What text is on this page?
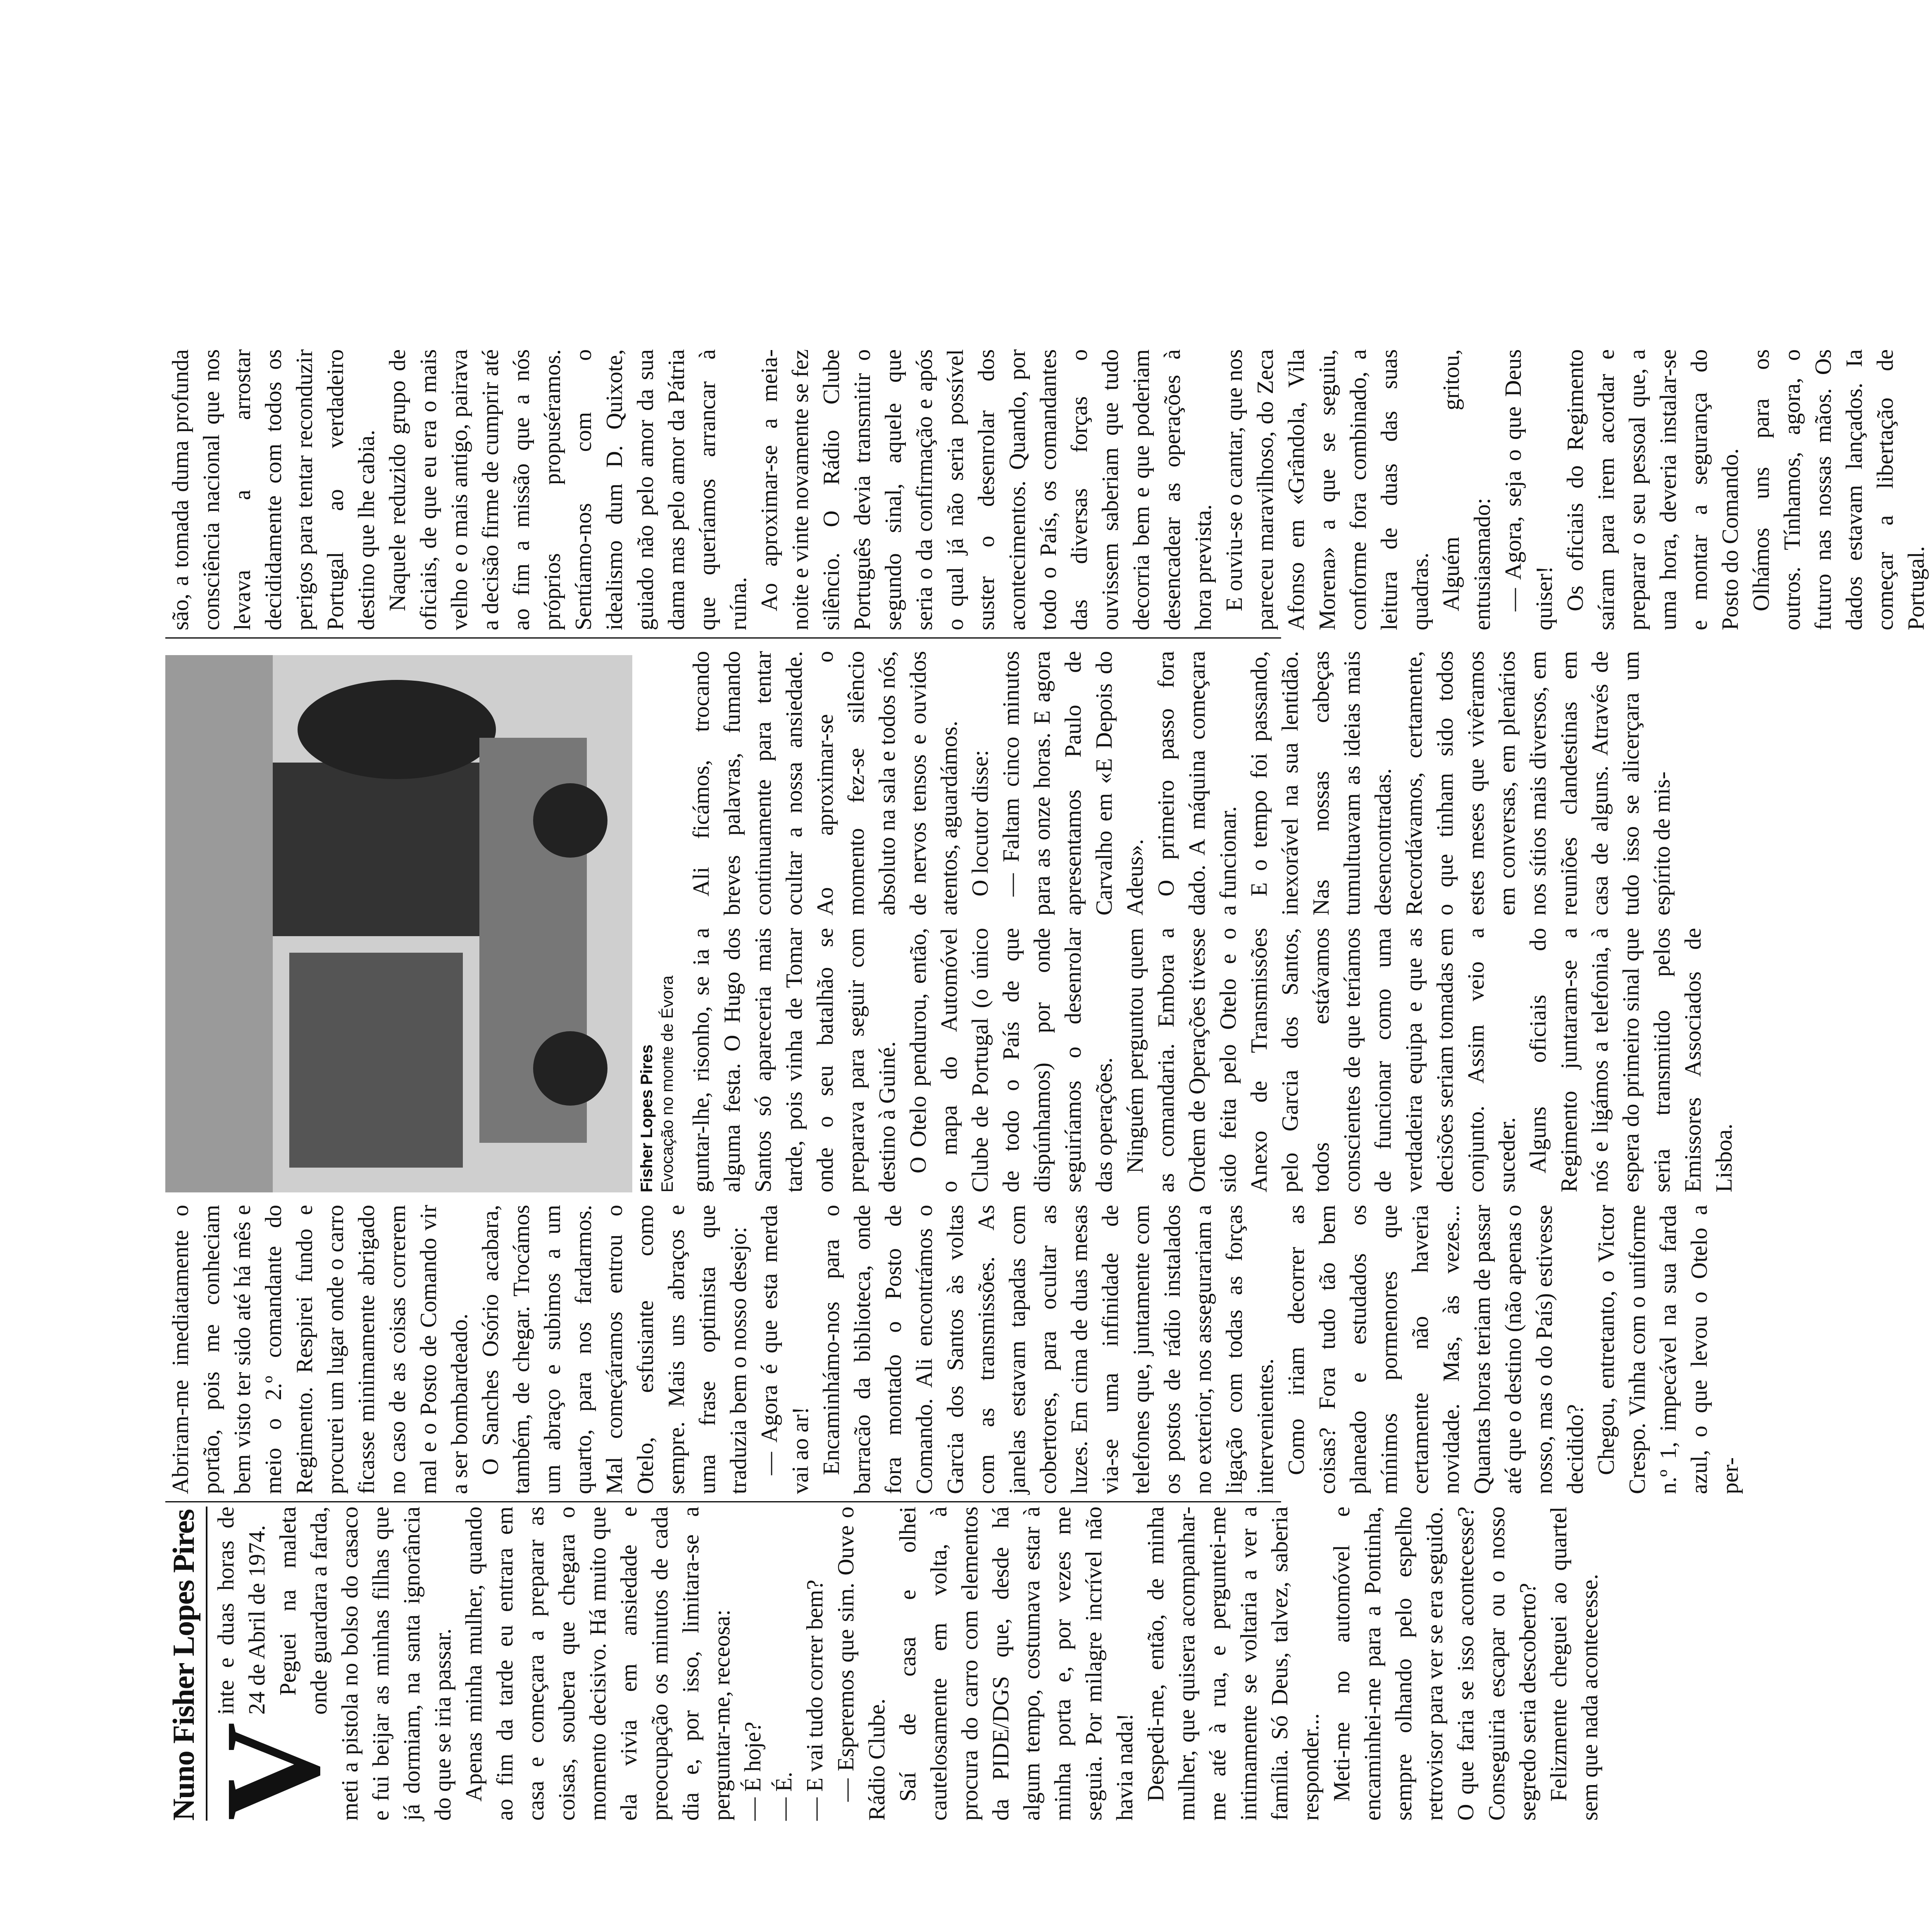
Nuno Fisher Lopes Pires
V

inte e duas horas de 24 de Abril de 1974. Peguei na maleta onde guardara a farda, meti a pistola no bolso do casaco e fui beijar as minhas filhas que já dormiam, na santa ignorância do que se iria passar. Apenas minha mulher, quando ao fim da tarde eu entrara em casa e começara a preparar as coisas, soubera que chegara o momento decisivo. Há muito que ela vivia em ansiedade e preocupação os minutos de cada dia e, por isso, limitara-se a perguntar-me, receosa: — É hoje? — É. — E vai tudo correr bem? — Esperemos que sim. Ouve o Rádio Clube. Saí de casa e olhei cautelosamente em volta, à procura do carro com elementos da PIDE/DGS que, desde há algum tempo, costumava estar à minha porta e, por vezes me seguia. Por milagre incrível não havia nada! Despedi-me, então, de minha mulher, que quisera acompanhar-me até à rua, e perguntei-me intimamente se voltaria a ver a família. Só Deus, talvez, saberia responder... Meti-me no automóvel e encaminhei-me para a Pontinha, sempre olhando pelo espelho retrovisor para ver se era seguido. O que faria se isso acontecesse? Conseguiria escapar ou o nosso segredo seria descoberto? Felizmente cheguei ao quartel sem que nada acontecesse.

Abriram-me imediatamente o portão, pois me conheciam bem visto ter sido até há mês e meio o 2.º comandante do Regimento. Respirei fundo e procurei um lugar onde o carro ficasse minimamente abrigado no caso de as coisas correrem mal e o Posto de Comando vir a ser bombardeado. O Sanches Osório acabara, também, de chegar. Trocámos um abraço e subimos a um quarto, para nos fardarmos. Mal começáramos entrou o Otelo, esfusiante como sempre. Mais uns abraços e uma frase optimista que traduzia bem o nosso desejo: — Agora é que esta merda vai ao ar! Encaminhámo-nos para o barracão da biblioteca, onde fora montado o Posto de Comando. Ali encontrámos o Garcia dos Santos às voltas com as transmissões. As janelas estavam tapadas com cobertores, para ocultar as luzes. Em cima de duas mesas via-se uma infinidade de telefones que, juntamente com os postos de rádio instalados no exterior, nos assegurariam a ligação com todas as forças intervenientes. Como iriam decorrer as coisas? Fora tudo tão bem planeado e estudados os mínimos pormenores que certamente não haveria novidade. Mas, às vezes... Quantas horas teriam de passar até que o destino (não apenas o nosso, mas o do País) estivesse decidido? Chegou, entretanto, o Victor Crespo. Vinha com o uniforme n.º 1, impecável na sua farda azul, o que levou o Otelo a per-

Fisher Lopes Pires Evocação no monte de Évora guntar-lhe, risonho, se ia a alguma festa. O Hugo dos Santos só apareceria mais tarde, pois vinha de Tomar onde o seu batalhão se preparava para seguir com destino à Guiné. O Otelo pendurou, então, o mapa do Automóvel Clube de Portugal (o único de todo o País de que dispúnhamos) por onde seguiríamos o desenrolar das operações. Ninguém perguntou quem as comandaria. Embora a Ordem de Operações tivesse sido feita pelo Otelo e o Anexo de Transmissões pelo Garcia dos Santos, todos estávamos conscientes de que teríamos de funcionar como uma verdadeira equipa e que as decisões seriam tomadas em conjunto. Assim veio a suceder. Alguns oficiais do Regimento juntaram-se a nós e ligámos a telefonia, à espera do primeiro sinal que seria transmitido pelos Emissores Associados de Lisboa.

Ali ficámos, trocando breves palavras, fumando continuamente para tentar ocultar a nossa ansiedade. Ao aproximar-se o momento fez-se silêncio absoluto na sala e todos nós, de nervos tensos e ouvidos atentos, aguardámos. O locutor disse: — Faltam cinco minutos para as onze horas. E agora apresentamos Paulo de Carvalho em «E Depois do Adeus». O primeiro passo fora dado. A máquina começara a funcionar. E o tempo foi passando, inexorável na sua lentidão. Nas nossas cabeças tumultuavam as ideias mais desencontradas. Recordávamos, certamente, o que tinham sido todos estes meses que vivêramos em conversas, em plenários nos sítios mais diversos, em reuniões clandestinas em casa de alguns. Através de tudo isso se alicerçara um espírito de mis-

são, a tomada duma profunda consciência nacional que nos levava a arrostar decididamente com todos os perigos para tentar reconduzir Portugal ao verdadeiro destino que lhe cabia. Naquele reduzido grupo de oficiais, de que eu era o mais velho e o mais antigo, pairava a decisão firme de cumprir até ao fim a missão que a nós próprios propuséramos. Sentíamo-nos com o idealismo dum D. Quixote, guiado não pelo amor da sua dama mas pelo amor da Pátria que queríamos arrancar à ruína. Ao aproximar-se a meia-noite e vinte novamente se fez silêncio. O Rádio Clube Português devia transmitir o segundo sinal, aquele que seria o da confirmação e após o qual já não seria possível suster o desenrolar dos acontecimentos. Quando, por todo o País, os comandantes das diversas forças o ouvissem saberiam que tudo decorria bem e que poderiam desencadear as operações à hora prevista. E ouviu-se o cantar, que nos pareceu maravilhoso, do Zeca Afonso em «Grândola, Vila Morena» a que se seguiu, conforme fora combinado, a leitura de duas das suas quadras. Alguém gritou, entusiasmado: — Agora, seja o que Deus quiser! Os oficiais do Regimento saíram para irem acordar e preparar o seu pessoal que, a uma hora, deveria instalar-se e montar a segurança do Posto do Comando. Olhámos uns para os outros. Tínhamos, agora, o futuro nas nossas mãos. Os dados estavam lançados. Ia começar a libertação de Portugal.
